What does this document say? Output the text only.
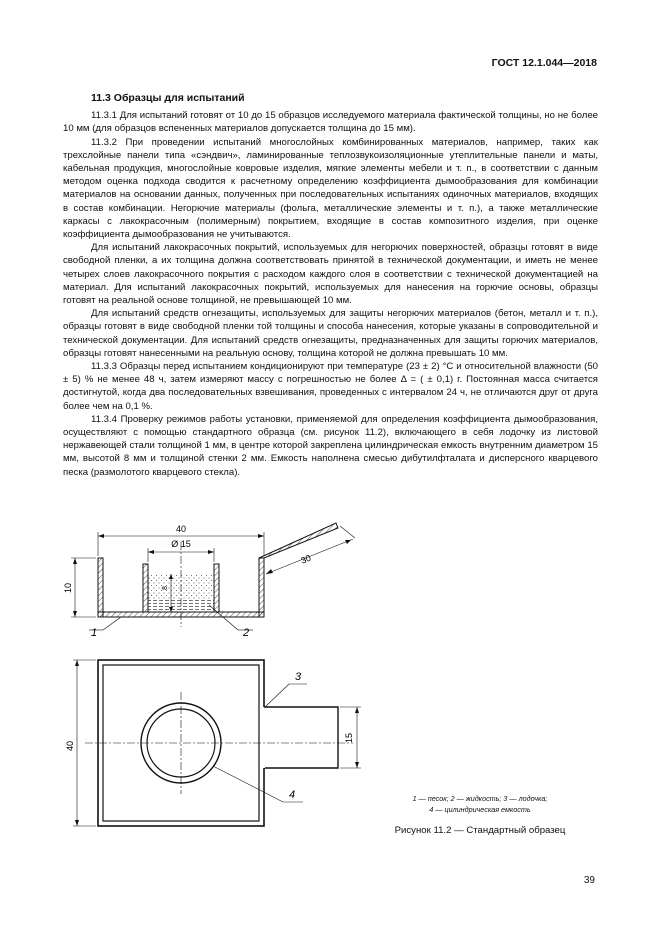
ГОСТ 12.1.044—2018
11.3 Образцы для испытаний

11.3.1 Для испытаний готовят от 10 до 15 образцов исследуемого материала фактической толщины, но не более 10 мм (для образцов вспененных материалов допускается толщина до 15 мм).

11.3.2 При проведении испытаний многослойных комбинированных материалов, например, таких как трехслойные панели типа «сэндвич», ламинированные теплозвукоизоляционные утеплительные панели и маты, кабельная продукция, многослойные ковровые изделия, мягкие элементы мебели и т. п., в соответствии с данным методом оценка подхода сводится к расчетному определению коэффициента дымообразования для комбинации материалов на основании данных, полученных при последовательных испытаниях одиночных материалов, входящих в состав комбинации. Негорючие материалы (фольга, металлические элементы и т. п.), а также металлические каркасы с лакокрасочным (полимерным) покрытием, входящие в состав композитного изделия, при оценке коэффициента дымообразования не учитываются.

Для испытаний лакокрасочных покрытий, используемых для негорючих поверхностей, образцы готовят в виде свободной пленки, а их толщина должна соответствовать принятой в технической документации, и иметь не менее четырех слоев лакокрасочного покрытия с расходом каждого слоя в соответствии с технической документацией на материал. Для испытаний лакокрасочных покрытий, используемых для нанесения на горючие основы, образцы готовят на реальной основе толщиной, не превышающей 10 мм.

Для испытаний средств огнезащиты, используемых для защиты негорючих материалов (бетон, металл и т. п.), образцы готовят в виде свободной пленки той толщины и способа нанесения, которые указаны в сопроводительной и технической документации. Для испытаний средств огнезащиты, предназначенных для защиты горючих материалов, образцы готовят нанесенными на реальную основу, толщина которой не должна превышать 10 мм.

11.3.3 Образцы перед испытанием кондиционируют при температуре (23 ± 2) °С и относительной влажности (50 ± 5) % не менее 48 ч, затем измеряют массу с погрешностью не более Δ = ( ± 0,1) г. Постоянная масса считается достигнутой, когда два последовательных взвешивания, проведенных с интервалом 24 ч, не отличаются друг от друга более чем на 0,1 %.

11.3.4 Проверку режимов работы установки, применяемой для определения коэффициента дымообразования, осуществляют с помощью стандартного образца (см. рисунок 11.2), включающего в себя лодочку из листовой нержавеющей стали толщиной 1 мм, в центре которой закреплена цилиндрическая емкость внутренним диаметром 15 мм, высотой 8 мм и толщиной стенки 2 мм. Емкость наполнена смесью дибутилфталата и дисперсного кварцевого песка (размолотого кварцевого стекла).

40
Ø 15
10	8
30
1	2
40
15
3
4	1 — песок; 2 — жидкость; 3 — лодочка;
4 — цилиндрическая емкость
Рисунок 11.2 — Стандартный образец
39
